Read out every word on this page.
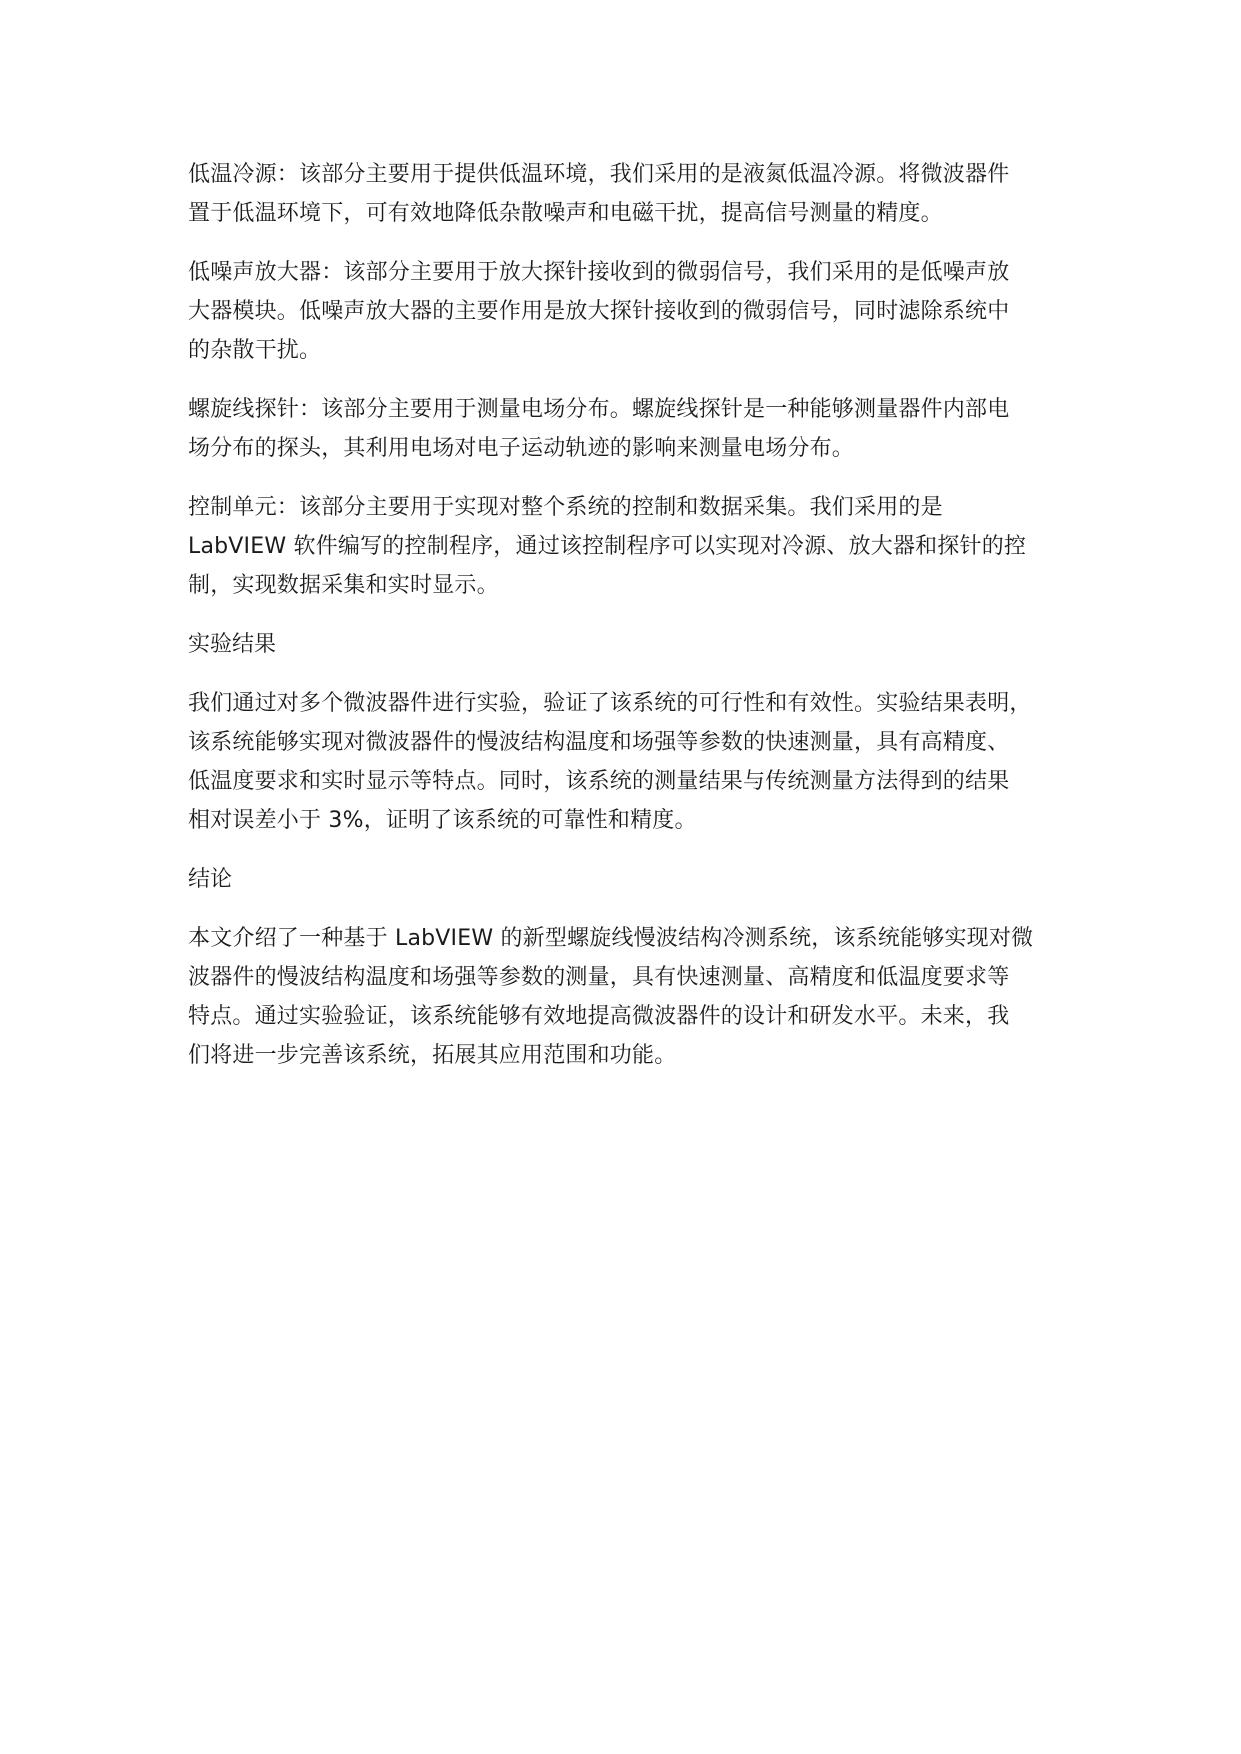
低温冷源：该部分主要用于提供低温环境，我们采用的是液氮低温冷源。将微波器件
置于低温环境下，可有效地降低杂散噪声和电磁干扰，提高信号测量的精度。

低噪声放大器：该部分主要用于放大探针接收到的微弱信号，我们采用的是低噪声放
大器模块。低噪声放大器的主要作用是放大探针接收到的微弱信号，同时滤除系统中
的杂散干扰。

螺旋线探针：该部分主要用于测量电场分布。螺旋线探针是一种能够测量器件内部电
场分布的探头，其利用电场对电子运动轨迹的影响来测量电场分布。

控制单元：该部分主要用于实现对整个系统的控制和数据采集。我们采用的是
LabVIEW 软件编写的控制程序，通过该控制程序可以实现对冷源、放大器和探针的控
制，实现数据采集和实时显示。

实验结果

我们通过对多个微波器件进行实验，验证了该系统的可行性和有效性。实验结果表明，
该系统能够实现对微波器件的慢波结构温度和场强等参数的快速测量，具有高精度、
低温度要求和实时显示等特点。同时，该系统的测量结果与传统测量方法得到的结果
相对误差小于 3%，证明了该系统的可靠性和精度。

结论

本文介绍了一种基于 LabVIEW 的新型螺旋线慢波结构冷测系统，该系统能够实现对微
波器件的慢波结构温度和场强等参数的测量，具有快速测量、高精度和低温度要求等
特点。通过实验验证，该系统能够有效地提高微波器件的设计和研发水平。未来，我
们将进一步完善该系统，拓展其应用范围和功能。
